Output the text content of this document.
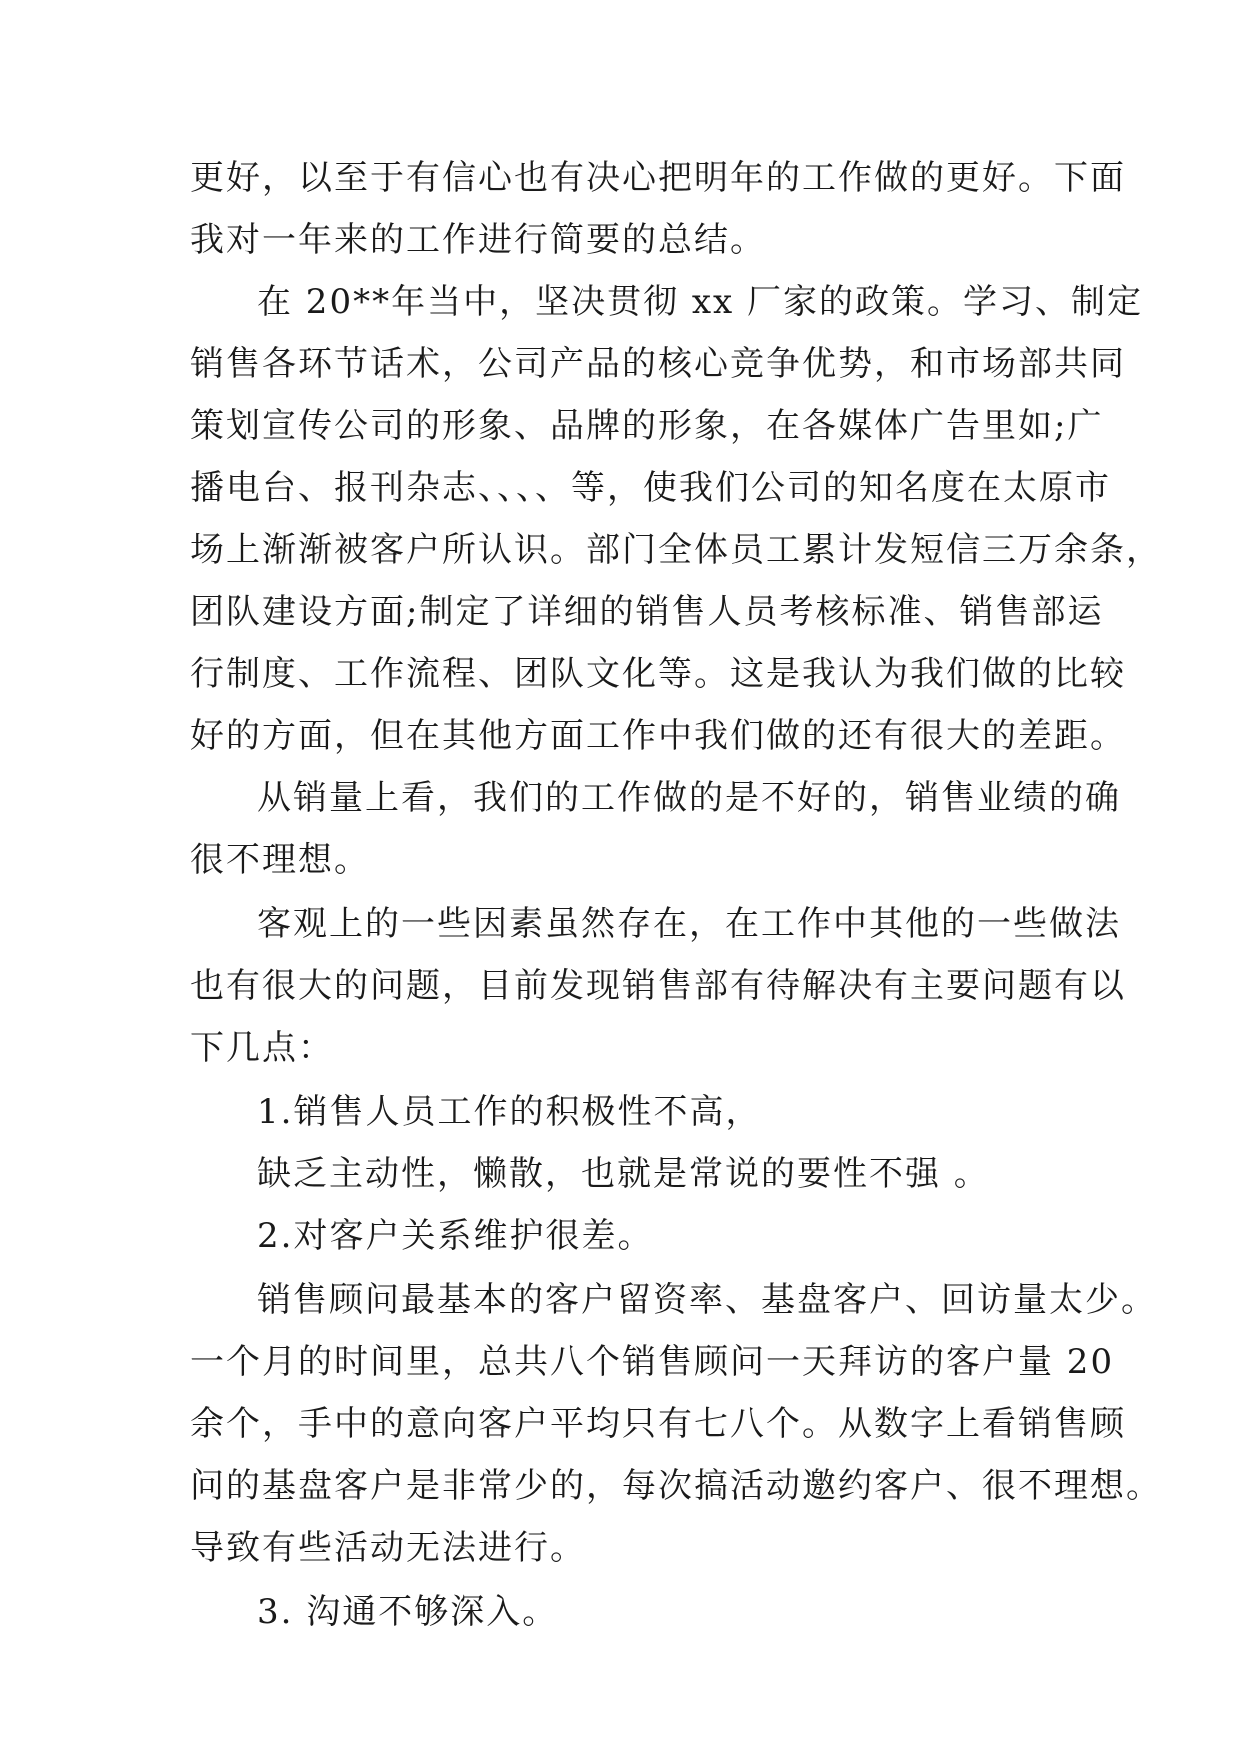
更好，以至于有信心也有决心把明年的工作做的更好。下面
我对一年来的工作进行简要的总结。
在 20**年当中，坚决贯彻 xx 厂家的政策。学习、制定
销售各环节话术，公司产品的核心竞争优势，和市场部共同
策划宣传公司的形象、品牌的形象，在各媒体广告里如;广
播电台、报刊杂志、、、、等，使我们公司的知名度在太原市
场上渐渐被客户所认识。部门全体员工累计发短信三万余条，
团队建设方面;制定了详细的销售人员考核标准、销售部运
行制度、工作流程、团队文化等。这是我认为我们做的比较
好的方面，但在其他方面工作中我们做的还有很大的差距。
从销量上看，我们的工作做的是不好的，销售业绩的确
很不理想。
客观上的一些因素虽然存在，在工作中其他的一些做法
也有很大的问题，目前发现销售部有待解决有主要问题有以
下几点：
1.销售人员工作的积极性不高，
缺乏主动性，懒散，也就是常说的要性不强 。
2.对客户关系维护很差。
销售顾问最基本的客户留资率、基盘客户、回访量太少。
一个月的时间里，总共八个销售顾问一天拜访的客户量 20
余个，手中的意向客户平均只有七八个。从数字上看销售顾
问的基盘客户是非常少的，每次搞活动邀约客户、很不理想。
导致有些活动无法进行。
3. 沟通不够深入。
